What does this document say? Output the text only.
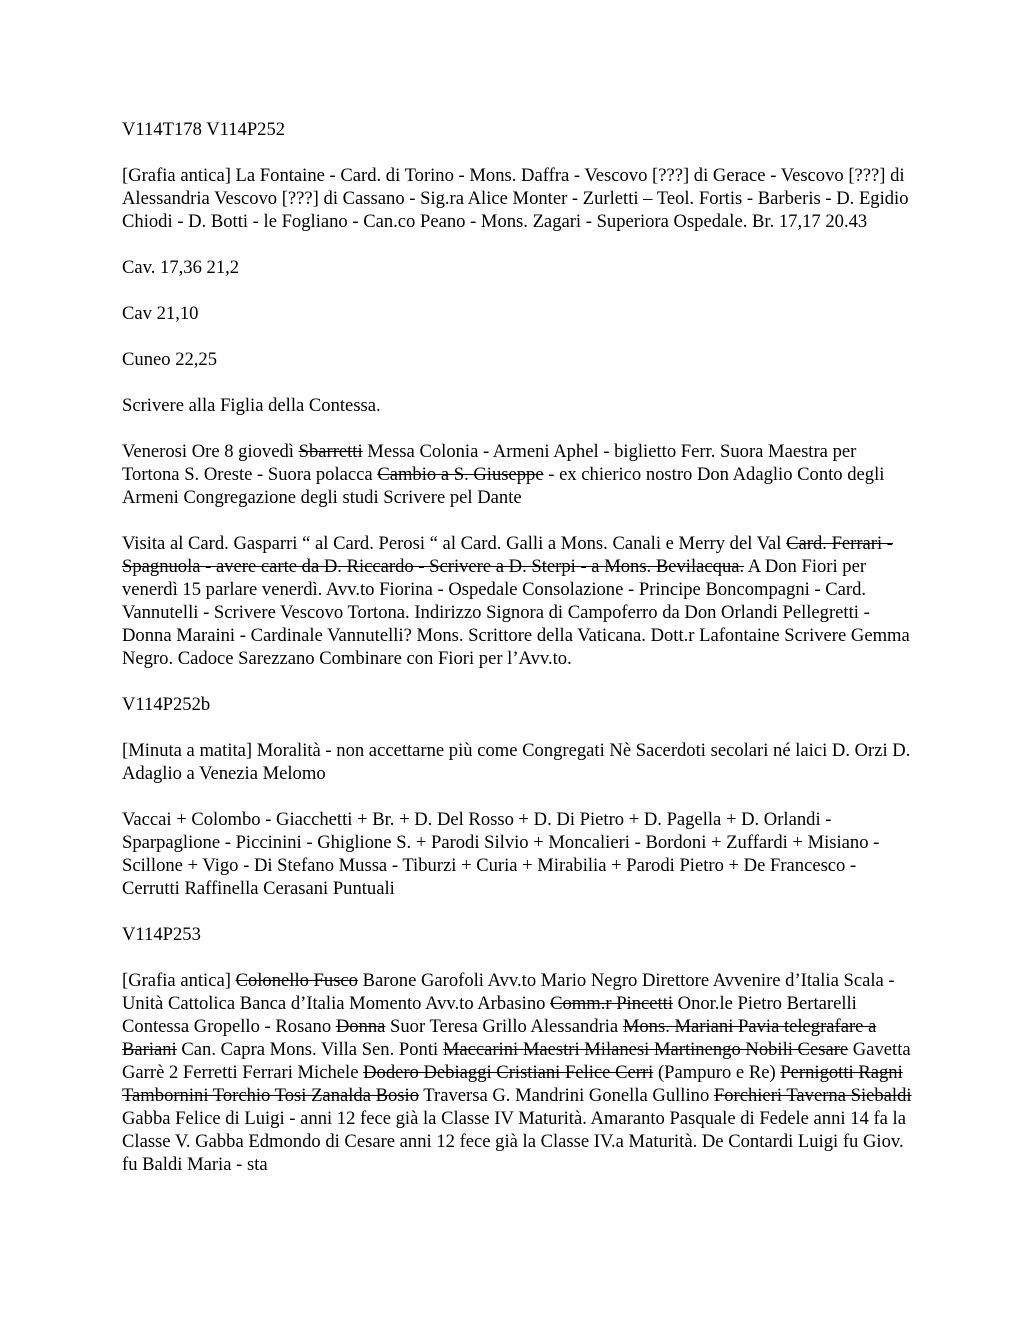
V114T178 V114P252

[Grafia antica] La Fontaine - Card. di Torino - Mons. Daffra - Vescovo [???] di Gerace - Vescovo [???] di Alessandria Vescovo [???] di Cassano - Sig.ra Alice Monter - Zurletti – Teol. Fortis - Barberis - D. Egidio Chiodi - D. Botti - le Fogliano - Can.co Peano - Mons. Zagari - Superiora Ospedale. Br. 17,17 20.43

Cav. 17,36 21,2

Cav 21,10

Cuneo 22,25

Scrivere alla Figlia della Contessa.

Venerosi Ore 8 giovedì Sbarretti Messa Colonia - Armeni Aphel - biglietto Ferr. Suora Maestra per Tortona S. Oreste - Suora polacca Cambio a S. Giuseppe - ex chierico nostro Don Adaglio Conto degli Armeni Congregazione degli studi Scrivere pel Dante

Visita al Card. Gasparri “ al Card. Perosi “ al Card. Galli a Mons. Canali e Merry del Val Card. Ferrari - Spagnuola - avere carte da D. Riccardo - Scrivere a D. Sterpi - a Mons. Bevilacqua. A Don Fiori per venerdì 15 parlare venerdì. Avv.to Fiorina - Ospedale Consolazione - Principe Boncompagni - Card. Vannutelli - Scrivere Vescovo Tortona. Indirizzo Signora di Campoferro da Don Orlandi Pellegretti - Donna Maraini - Cardinale Vannutelli? Mons. Scrittore della Vaticana. Dott.r Lafontaine Scrivere Gemma Negro. Cadoce Sarezzano Combinare con Fiori per l’Avv.to.

V114P252b

[Minuta a matita] Moralità - non accettarne più come Congregati Nè Sacerdoti secolari né laici D. Orzi D. Adaglio a Venezia Melomo

Vaccai + Colombo - Giacchetti + Br. + D. Del Rosso + D. Di Pietro + D. Pagella + D. Orlandi - Sparpaglione - Piccinini - Ghiglione S. + Parodi Silvio + Moncalieri - Bordoni + Zuffardi + Misiano - Scillone + Vigo - Di Stefano Mussa - Tiburzi + Curia + Mirabilia + Parodi Pietro + De Francesco - Cerrutti Raffinella Cerasani Puntuali

V114P253

[Grafia antica] Colonello Fusco Barone Garofoli Avv.to Mario Negro Direttore Avvenire d’Italia Scala - Unità Cattolica Banca d’Italia Momento Avv.to Arbasino Comm.r Pincetti Onor.le Pietro Bertarelli Contessa Gropello - Rosano Donna Suor Teresa Grillo Alessandria Mons. Mariani Pavia telegrafare a Bariani Can. Capra Mons. Villa Sen. Ponti Maccarini Maestri Milanesi Martinengo Nobili Cesare Gavetta Garrè 2 Ferretti Ferrari Michele Dodero Debiaggi Cristiani Felice Cerri (Pampuro e Re) Pernigotti Ragni Tambornini Torchio Tosi Zanalda Bosio Traversa G. Mandrini Gonella Gullino Forchieri Taverna Siebaldi Gabba Felice di Luigi - anni 12 fece già la Classe IV Maturità. Amaranto Pasquale di Fedele anni 14 fa la Classe V. Gabba Edmondo di Cesare anni 12 fece già la Classe IV.a Maturità. De Contardi Luigi fu Giov. fu Baldi Maria - sta
